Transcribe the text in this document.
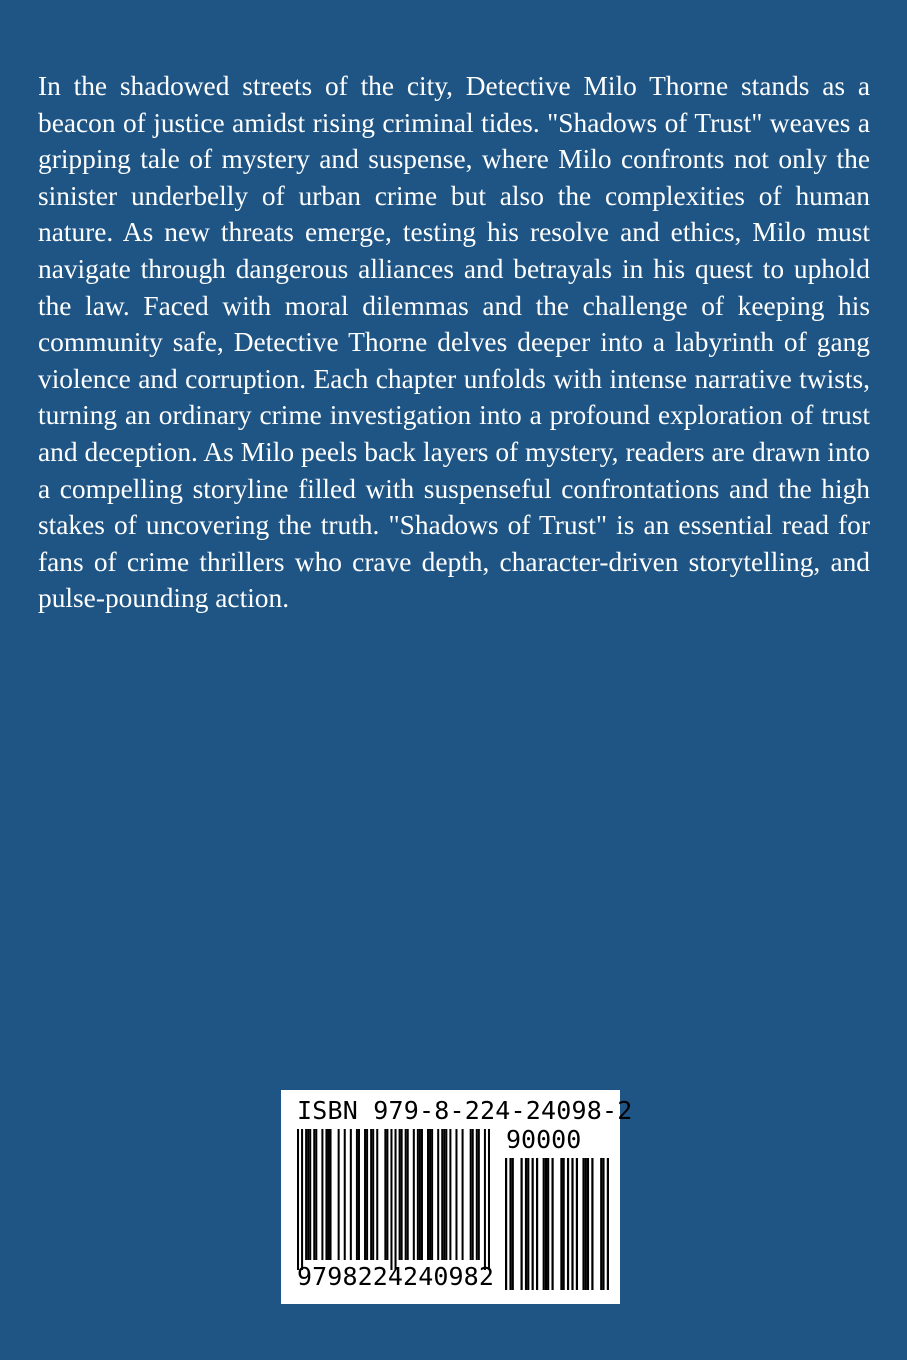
In the shadowed streets of the city, Detective Milo Thorne stands as a beacon of justice amidst rising criminal tides. "Shadows of Trust" weaves a gripping tale of mystery and suspense, where Milo confronts not only the sinister underbelly of urban crime but also the complexities of human nature. As new threats emerge, testing his resolve and ethics, Milo must navigate through dangerous alliances and betrayals in his quest to uphold the law. Faced with moral dilemmas and the challenge of keeping his community safe, Detective Thorne delves deeper into a labyrinth of gang violence and corruption. Each chapter unfolds with intense narrative twists, turning an ordinary crime investigation into a profound exploration of trust and deception. As Milo peels back layers of mystery, readers are drawn into a compelling storyline filled with suspenseful confrontations and the high stakes of uncovering the truth. "Shadows of Trust" is an essential read for fans of crime thrillers who crave depth, character-driven storytelling, and pulse-pounding action.

ISBN 979-8-224-24098-2
90000
9798224240982
